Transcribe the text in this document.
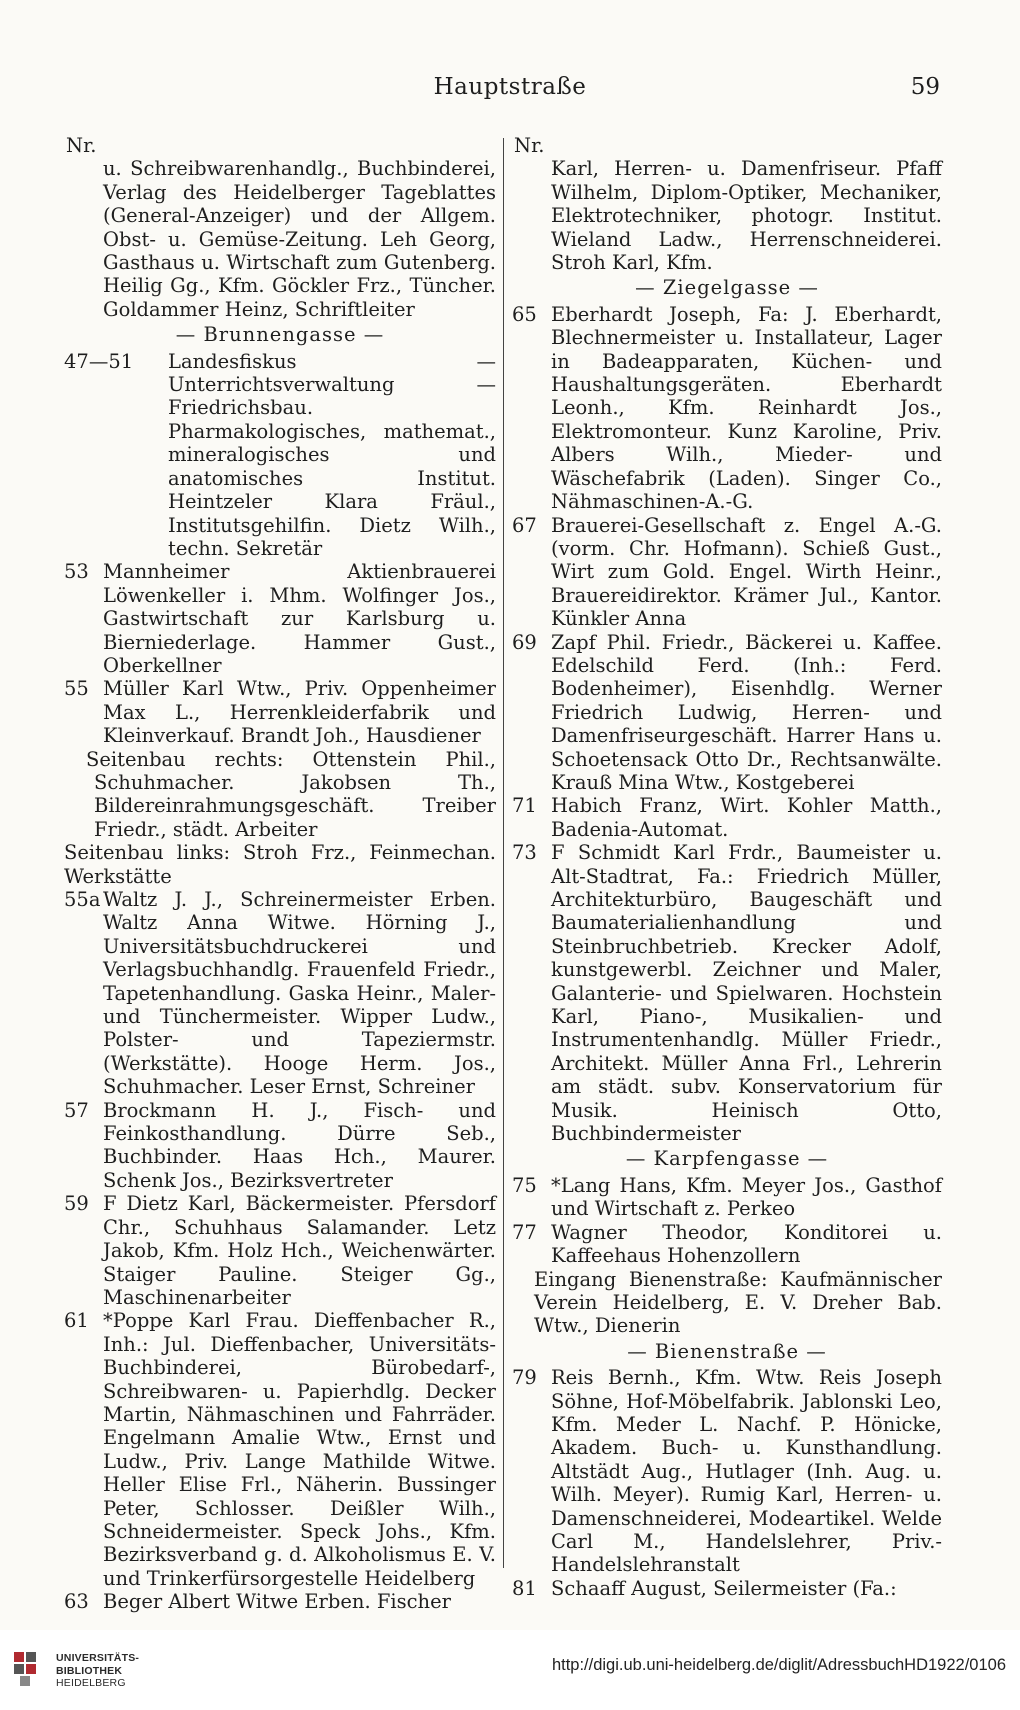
Hauptstraße	59
Nr.
u. Schreibwarenhandlg., Buchbinderei, Verlag des Heidelberger Tageblattes (General-Anzeiger) und der Allgem. Obst- u. Gemüse-Zeitung. Leh Georg, Gasthaus u. Wirtschaft zum Gutenberg. Heilig Gg., Kfm. Göckler Frz., Tüncher. Goldammer Heinz, Schriftleiter
— Brunnengasse —
47—51	Landesfiskus — Unterrichtsverwaltung — Friedrichsbau. Pharmakologisches, mathemat., mineralogisches und anatomisches Institut. Heintzeler Klara Fräul., Institutsgehilfin. Dietz Wilh., techn. Sekretär
53 Mannheimer Aktienbrauerei Löwenkeller i. Mhm. Wolfinger Jos., Gastwirtschaft zur Karlsburg u. Bierniederlage. Hammer Gust., Oberkellner
55 Müller Karl Wtw., Priv. Oppenheimer Max L., Herrenkleiderfabrik und Kleinverkauf. Brandt Joh., Hausdiener
Seitenbau rechts: Ottenstein Phil., Schuhmacher. Jakobsen Th., Bildereinrahmungsgeschäft. Treiber Friedr., städt. Arbeiter
Seitenbau links: Stroh Frz., Feinmechan. Werkstätte
55a Waltz J. J., Schreinermeister Erben. Waltz Anna Witwe. Hörning J., Universitätsbuchdruckerei und Verlagsbuchhandlg. Frauenfeld Friedr., Tapetenhandlung. Gaska Heinr., Maler- und Tünchermeister. Wipper Ludw., Polster- und Tapeziermstr. (Werkstätte). Hooge Herm. Jos., Schuhmacher. Leser Ernst, Schreiner
57 Brockmann H. J., Fisch- und Feinkosthandlung. Dürre Seb., Buchbinder. Haas Hch., Maurer. Schenk Jos., Bezirksvertreter
59 F Dietz Karl, Bäckermeister. Pfersdorf Chr., Schuhhaus Salamander. Letz Jakob, Kfm. Holz Hch., Weichenwärter. Staiger Pauline. Steiger Gg., Maschinenarbeiter
61 *Poppe Karl Frau. Dieffenbacher R., Inh.: Jul. Dieffenbacher, Universitäts-Buchbinderei, Bürobedarf-, Schreibwaren- u. Papierhdlg. Decker Martin, Nähmaschinen und Fahrräder. Engelmann Amalie Wtw., Ernst und Ludw., Priv. Lange Mathilde Witwe. Heller Elise Frl., Näherin. Bussinger Peter, Schlosser. Deißler Wilh., Schneidermeister. Speck Johs., Kfm. Bezirksverband g. d. Alkoholismus E. V. und Trinkerfürsorgestelle Heidelberg
63 Beger Albert Witwe Erben. Fischer
Nr.
Karl, Herren- u. Damenfriseur. Pfaff Wilhelm, Diplom-Optiker, Mechaniker, Elektrotechniker, photogr. Institut. Wieland Ladw., Herrenschneiderei. Stroh Karl, Kfm.
— Ziegelgasse —
65 Eberhardt Joseph, Fa: J. Eberhardt, Blechnermeister u. Installateur, Lager in Badeapparaten, Küchen- und Haushaltungsgeräten. Eberhardt Leonh., Kfm. Reinhardt Jos., Elektromonteur. Kunz Karoline, Priv. Albers Wilh., Mieder- und Wäschefabrik (Laden). Singer Co., Nähmaschinen-A.-G.
67 Brauerei-Gesellschaft z. Engel A.-G. (vorm. Chr. Hofmann). Schieß Gust., Wirt zum Gold. Engel. Wirth Heinr., Brauereidirektor. Krämer Jul., Kantor. Künkler Anna
69 Zapf Phil. Friedr., Bäckerei u. Kaffee. Edelschild Ferd. (Inh.: Ferd. Bodenheimer), Eisenhdlg. Werner Friedrich Ludwig, Herren- und Damenfriseurgeschäft. Harrer Hans u. Schoetensack Otto Dr., Rechtsanwälte. Krauß Mina Wtw., Kostgeberei
71 Habich Franz, Wirt. Kohler Matth., Badenia-Automat.
73 F Schmidt Karl Frdr., Baumeister u. Alt-Stadtrat, Fa.: Friedrich Müller, Architekturbüro, Baugeschäft und Baumaterialienhandlung und Steinbruchbetrieb. Krecker Adolf, kunstgewerbl. Zeichner und Maler, Galanterie- und Spielwaren. Hochstein Karl, Piano-, Musikalien- und Instrumentenhandlg. Müller Friedr., Architekt. Müller Anna Frl., Lehrerin am städt. subv. Konservatorium für Musik. Heinisch Otto, Buchbindermeister
— Karpfengasse —
75 *Lang Hans, Kfm. Meyer Jos., Gasthof und Wirtschaft z. Perkeo
77 Wagner Theodor, Konditorei u. Kaffeehaus Hohenzollern
Eingang Bienenstraße: Kaufmännischer Verein Heidelberg, E. V. Dreher Bab. Wtw., Dienerin
— Bienenstraße —
79 Reis Bernh., Kfm. Wtw. Reis Joseph Söhne, Hof-Möbelfabrik. Jablonski Leo, Kfm. Meder L. Nachf. P. Hönicke, Akadem. Buch- u. Kunsthandlung. Altstädt Aug., Hutlager (Inh. Aug. u. Wilh. Meyer). Rumig Karl, Herren- u. Damenschneiderei, Modeartikel. Welde Carl M., Handelslehrer, Priv.-Handelslehranstalt
81 Schaaff August, Seilermeister (Fa.:
UNIVERSITÄTS-
BIBLIOTHEK
HEIDELBERG
http://digi.ub.uni-heidelberg.de/diglit/AdressbuchHD1922/0106
